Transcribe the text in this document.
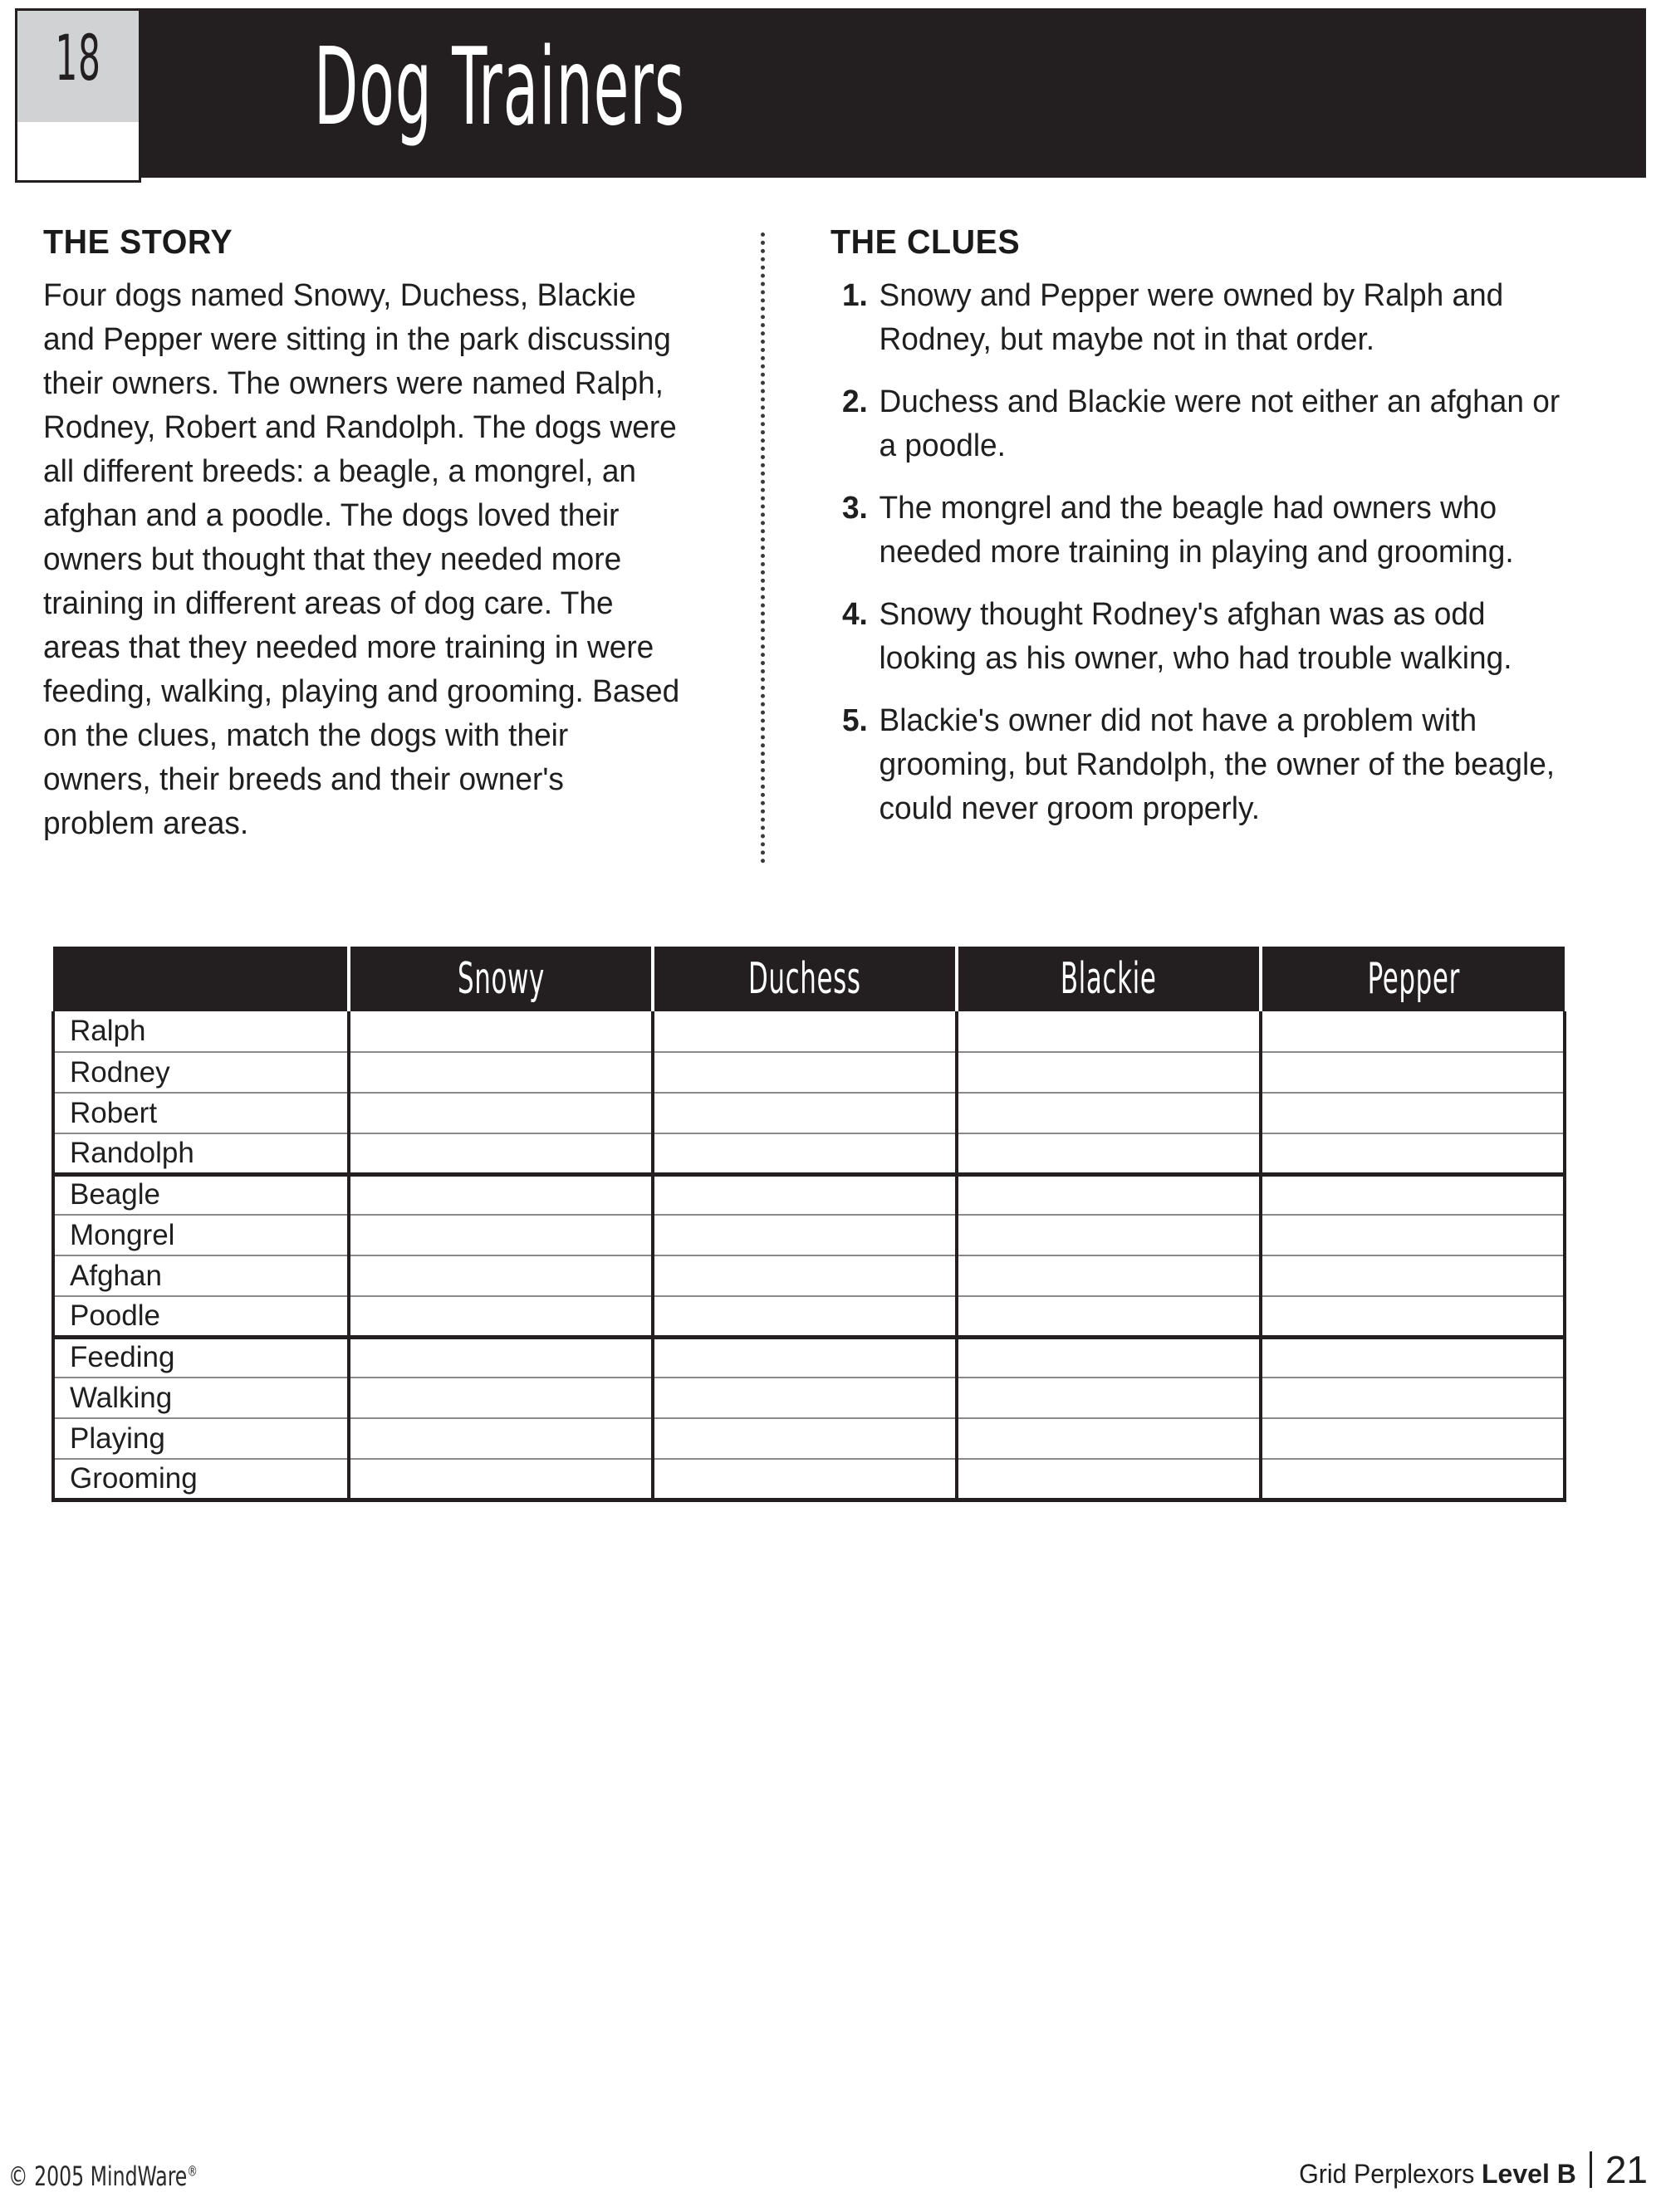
Dog Trainers
18
THE STORY

Four dogs named Snowy, Duchess, Blackie and Pepper were sitting in the park discussing their owners. The owners were named Ralph, Rodney, Robert and Randolph. The dogs were all different breeds: a beagle, a mongrel, an afghan and a poodle. The dogs loved their owners but thought that they needed more training in different areas of dog care. The areas that they needed more training in were feeding, walking, playing and grooming. Based on the clues, match the dogs with their owners, their breeds and their owner's problem areas.

THE CLUES
1. Snowy and Pepper were owned by Ralph and Rodney, but maybe not in that order.
2. Duchess and Blackie were not either an afghan or a poodle.
3. The mongrel and the beagle had owners who needed more training in playing and grooming.
4. Snowy thought Rodney's afghan was as odd looking as his owner, who had trouble walking.
5. Blackie's owner did not have a problem with grooming, but Randolph, the owner of the beagle, could never groom properly.
	Snowy	Duchess	Blackie	Pepper
Ralph				
Rodney				
Robert				
Randolph				
Beagle				
Mongrel				
Afghan				
Poodle				
Feeding				
Walking				
Playing				
Grooming				
© 2005 MindWare®	Grid Perplexors Level B 21
